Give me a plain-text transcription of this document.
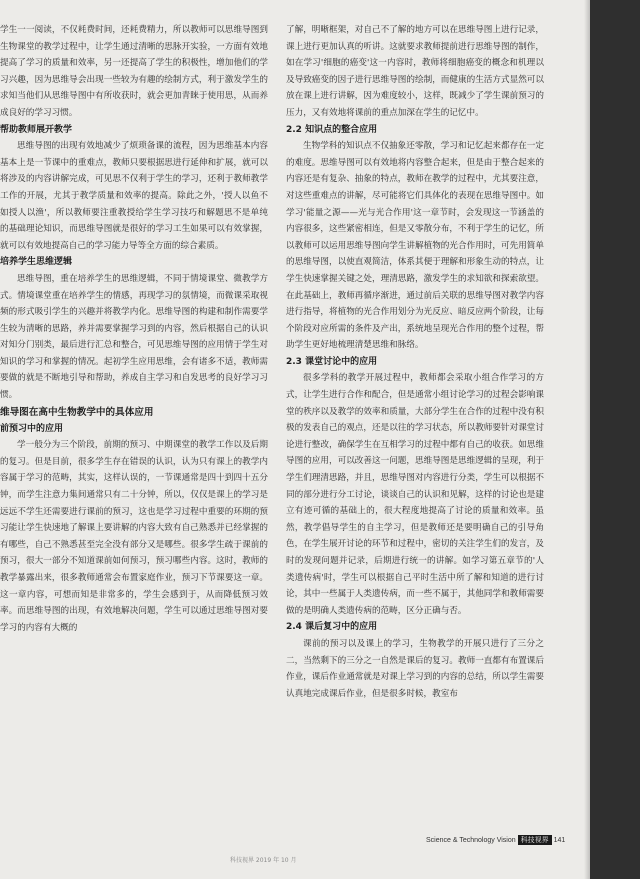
学生一一阅读，不仅耗费时间，还耗费精力，所以教师可以思维导图到生物课堂的教学过程中，让学生通过清晰的思脉开实验，一方面有效地提高了学习的质量和效率，另一还提高了学生的积极性，增加他们的学习兴趣，因为思维导会出现一些较为有趣的绘制方式，利于激发学生的求知当他们从思维导图中有所收获时，就会更加青睐于使用思，从而养成良好的学习习惯。

帮助教师展开教学

思维导图的出现有效地减少了烦琐备课的流程，因为思维基本内容基本上是一节课中的重难点，教师只要根据思进行延伸和扩展，就可以将涉及的内容讲解完成，可见思不仅利于学生的学习，还利于教师教学工作的开展，尤其于教学质量和效率的提高。除此之外，'授人以鱼不如授人以渔'，所以教师要注重教授给学生学习技巧和解题思不是单纯的基础理论知识，而思维导图就是很好的学习工生如果可以有效掌握，就可以有效地提高自己的学习能力导等全方面的综合素质。

培养学生思维逻辑

思维导图，重在培养学生的思维逻辑，不同于情境课堂、微教学方式。情境课堂重在培养学生的情感，再现学习的氛情境，而微课采取视频的形式吸引学生的兴趣并将教学内化。思维导图的构建和制作需要学生较为清晰的思路，养并需要掌握学习到的内容，然后根据自己的认识对知分门别类，最后进行汇总和整合，可见思维导图的应用情于学生对知识的学习和掌握的情况。起初学生应用思维，会有诸多不适，教师需要做的就是不断地引导和帮助，养成自主学习和自发思考的良好学习习惯。

维导图在高中生物教学中的具体应用
前预习中的应用

学一般分为三个阶段，前期的预习、中期课堂的教学工作以及后期的复习。但是目前，很多学生存在错误的认识，认为只有课上的教学内容属于学习的范畴，其实，这样认误的，一节课通常是四十到四十五分钟，而学生注意力集间通常只有二十分钟，所以，仅仅是课上的学习是远远不学生还需要进行课前的预习，这也是学习过程中重要的环期的预习能让学生快速地了解课上要讲解的内容大致有自己熟悉并已经掌握的有哪些，自己不熟悉甚至完全没有部分又是哪些。很多学生疏于课前的预习，很大一部分不知道课前如何预习，预习哪些内容。这时，教师的教学暴露出来，很多教师通常会布置家庭作业，预习下节课要这一章。这一章内容，可想而知是非常多的，学生会感到于，从而降低预习效率。而思维导图的出现，有效地解决问题，学生可以通过思维导图对要学习的内容有大概的

了解，明晰框架，对自己不了解的地方可以在思维导图上进行记录，课上进行更加认真的听讲。这就要求教师提前进行思维导图的制作，如在学习'细胞的癌变'这一内容时，教师将细胞癌变的概念和机理以及导致癌变的因子进行思维导图的绘制，而健康的生活方式显然可以放在课上进行讲解，因为难度较小，这样，既减少了学生课前预习的压力，又有效地将课前的重点加深在学生的记忆中。

2.2 知识点的整合应用

生物学科的知识点不仅抽象还零散，学习和记忆起来都存在一定的难度。思维导图可以有效地将内容整合起来，但是由于整合起来的内容还是有复杂、抽象的特点，教师在教学的过程中，尤其要注意，对这些重难点的讲解，尽可能将它们具体化的表现在思维导图中。如学习'能量之源——光与光合作用'这一章节时，会发现这一节涵盖的内容很多，这些紧密相连，但是又零散分布，不利于学生的记忆，所以教师可以运用思维导图向学生讲解植物的光合作用时，可先用简单的思维导图，以使直观简洁，体系其便于理解和形象生动的特点，让学生快速掌握关键之处，理清思路，激发学生的求知欲和探索欲望。在此基础上，教师再循序渐进，通过前后关联的思维导图对教学内容进行指导，将植物的光合作用划分为光反应、暗反应两个阶段，让每个阶段对应所需的条件及产出，系统地呈现光合作用的整个过程，帮助学生更好地梳理清楚思维和脉络。

2.3 课堂讨论中的应用

很多学科的教学开展过程中，教师都会采取小组合作学习的方式，让学生进行合作和配合，但是通常小组讨论学习的过程会影响课堂的秩序以及教学的效率和质量，大部分学生在合作的过程中没有积极的发表自己的观点，还是以往的学习状态，所以教师要针对课堂讨论进行整改，确保学生在互相学习的过程中都有自己的收获。如思维导图的应用，可以改善这一问题，思维导图是思维逻辑的呈现，利于学生们理清思路，并且，思维导图对内容进行分类，学生可以根据不同的部分进行分工讨论，谈谈自己的认识和见解，这样的讨论也是建立有迹可循的基础上的，很大程度地提高了讨论的质量和效率。虽然，教学倡导学生的自主学习，但是教师还是要明确自己的引导角色，在学生展开讨论的环节和过程中，密切的关注学生们的发言，及时的发现问题并记录，后期进行统一的讲解。如学习第五章节的'人类遗传病'时，学生可以根据自己平时生活中所了解和知道的进行讨论，其中一些属于人类遗传病，而一些不属于，其他同学和教师需要做的是明确人类遗传病的范畴，区分正确与否。

2.4 课后复习中的应用

课前的预习以及课上的学习，生物教学的开展只进行了三分之二，当然剩下的三分之一自然是课后的复习。教师一直都有布置课后作业，课后作业通常就是对课上学习到的内容的总结，所以学生需要认真地完成课后作业，但是很多时候，教室布

Science & Technology Vision 科技视界 141
科技视界 2019 年 10 月
